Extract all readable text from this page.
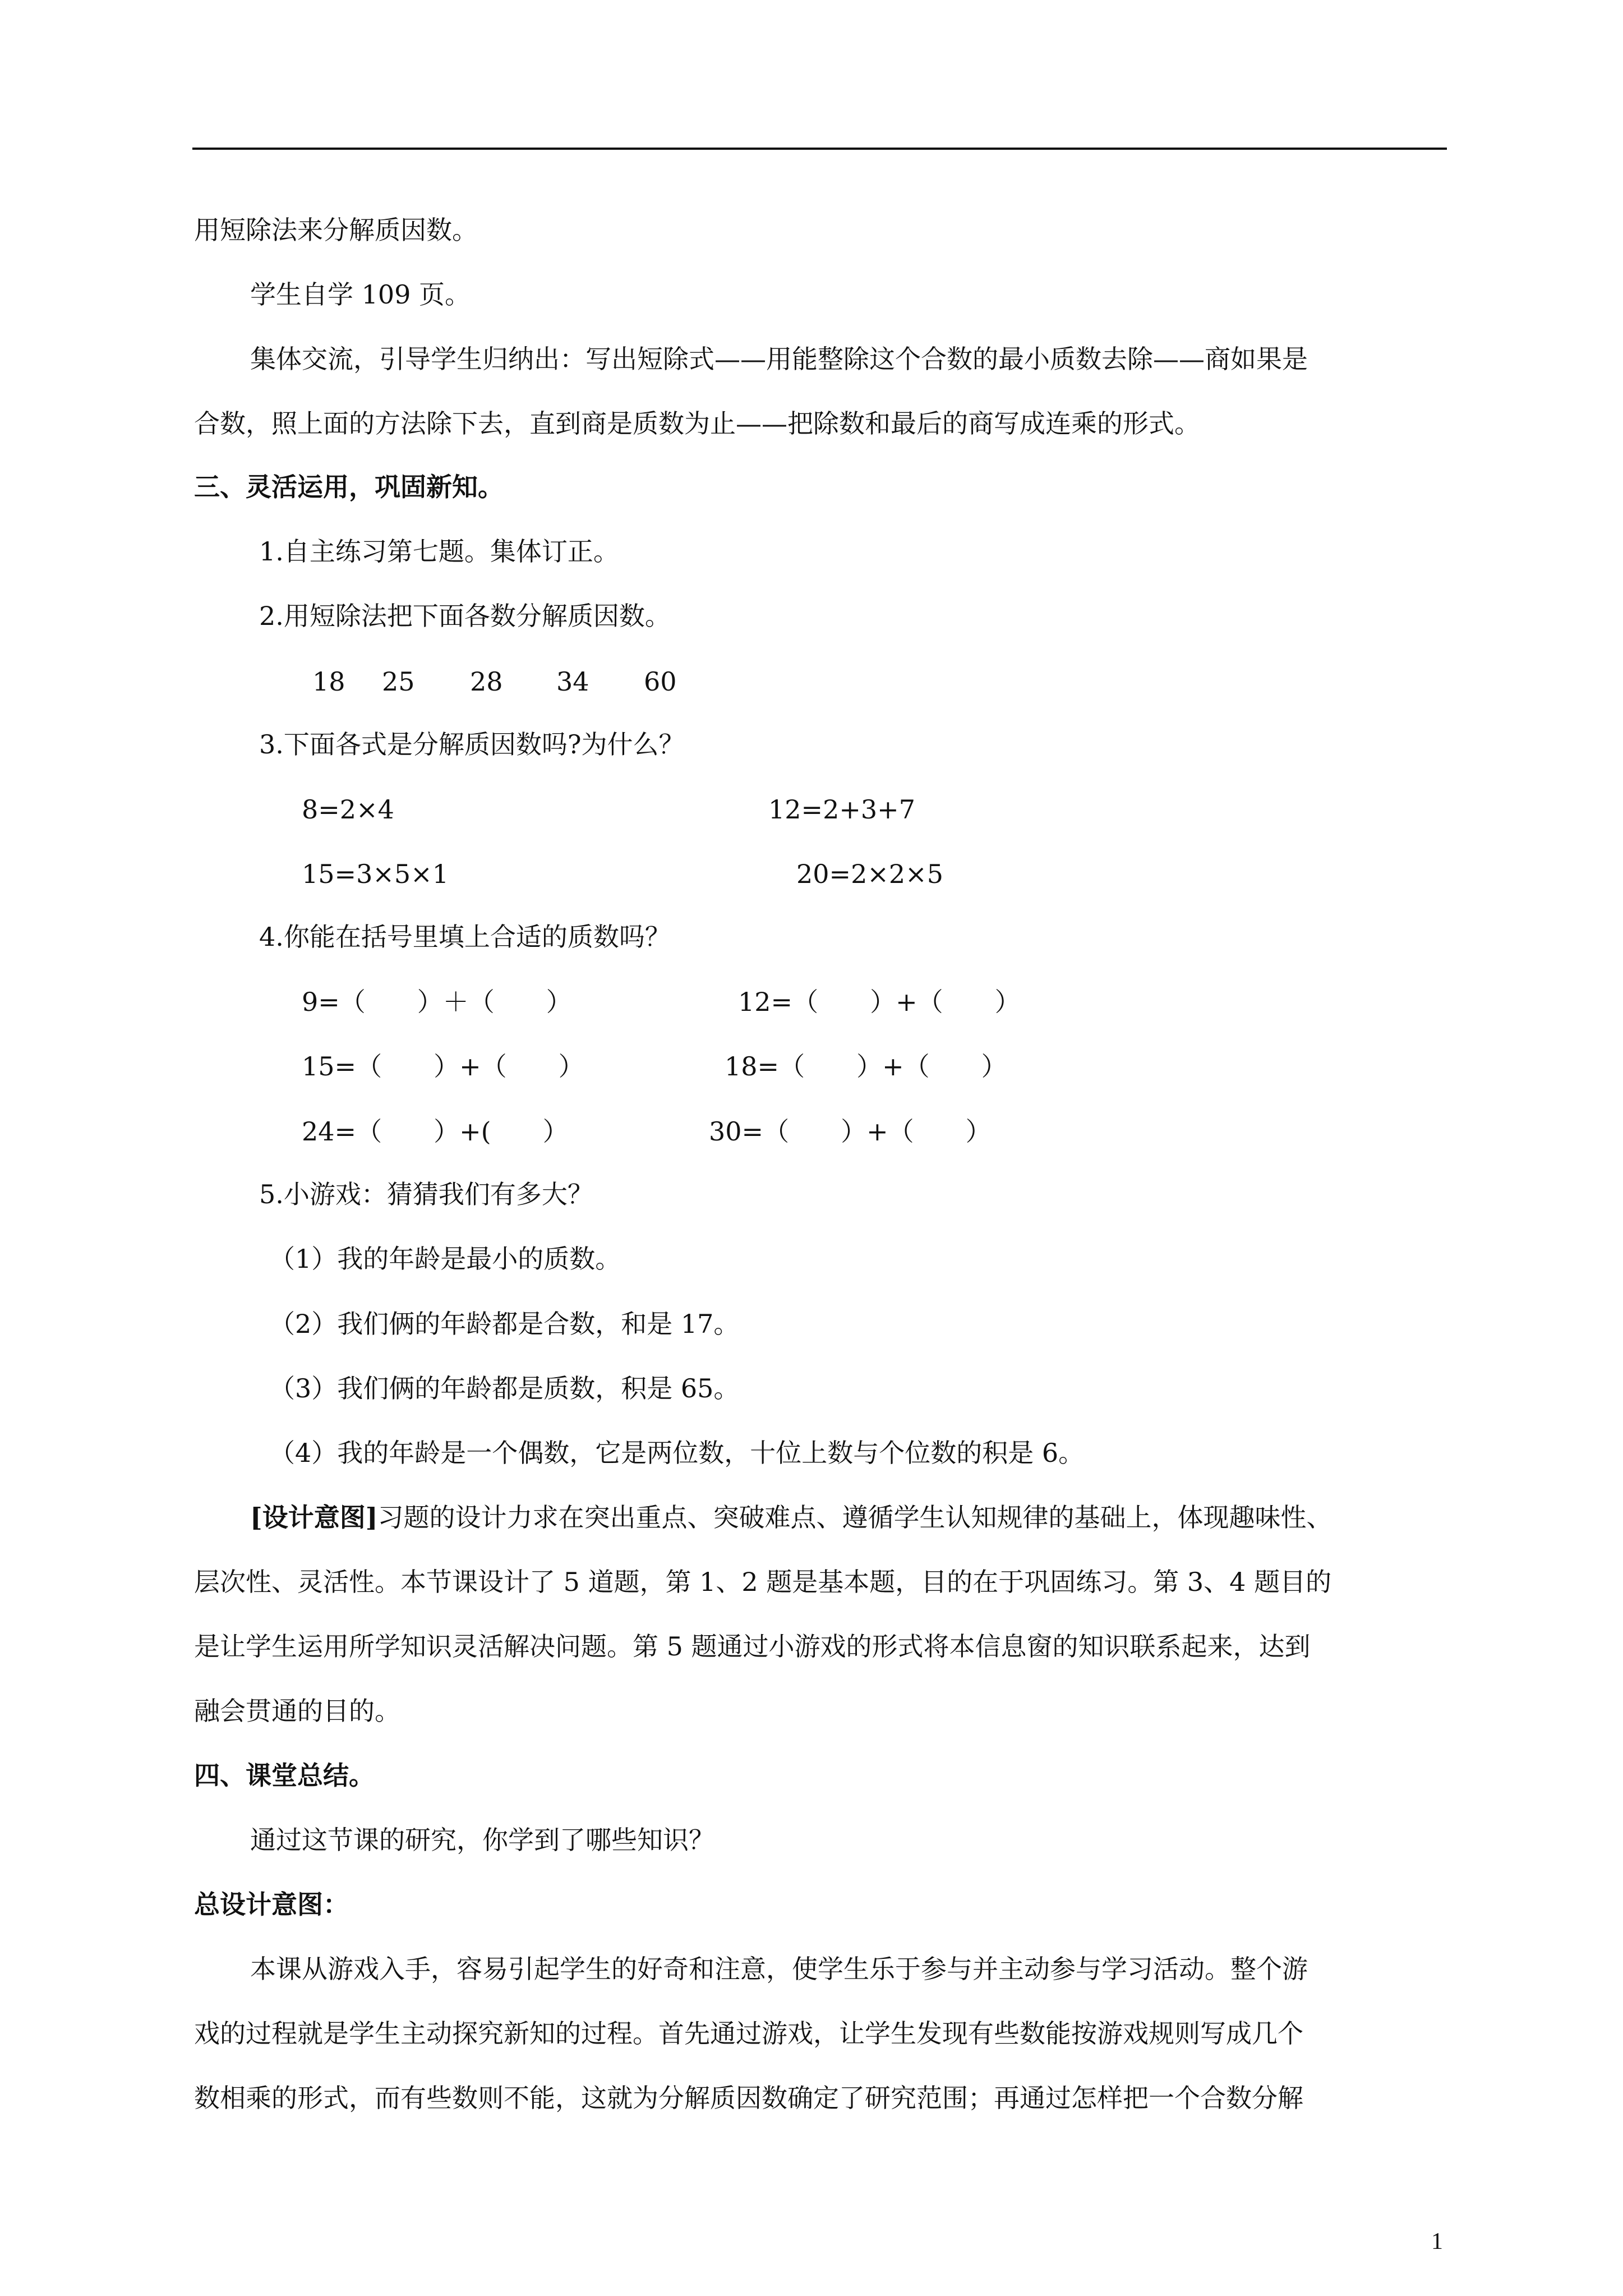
用短除法来分解质因数。
学生自学 109 页。
集体交流，引导学生归纳出：写出短除式——用能整除这个合数的最小质数去除——商如果是
合数，照上面的方法除下去，直到商是质数为止——把除数和最后的商写成连乘的形式。
三、灵活运用，巩固新知。
1.自主练习第七题。集体订正。
2.用短除法把下面各数分解质因数。
18 25 28 34 60
3.下面各式是分解质因数吗?为什么？
8=2×4	12=2+3+7
15=3×5×1	20=2×2×5
4.你能在括号里填上合适的质数吗？
9=（　　）＋（　　）	12=（　　）+（　　）
15=（　　）+（　　）	18=（　　）+（　　）
24=（　　）+(　　）	30=（　　）+（　　）
5.小游戏：猜猜我们有多大？
（1）我的年龄是最小的质数。
（2）我们俩的年龄都是合数，和是 17。
（3）我们俩的年龄都是质数，积是 65。
（4）我的年龄是一个偶数，它是两位数，十位上数与个位数的积是 6。
[设计意图]习题的设计力求在突出重点、突破难点、遵循学生认知规律的基础上，体现趣味性、
层次性、灵活性。本节课设计了 5 道题，第 1、2 题是基本题，目的在于巩固练习。第 3、4 题目的
是让学生运用所学知识灵活解决问题。第 5 题通过小游戏的形式将本信息窗的知识联系起来，达到
融会贯通的目的。
四、课堂总结。
通过这节课的研究，你学到了哪些知识？
总设计意图：
本课从游戏入手，容易引起学生的好奇和注意，使学生乐于参与并主动参与学习活动。整个游
戏的过程就是学生主动探究新知的过程。首先通过游戏，让学生发现有些数能按游戏规则写成几个
数相乘的形式，而有些数则不能，这就为分解质因数确定了研究范围；再通过怎样把一个合数分解
1
